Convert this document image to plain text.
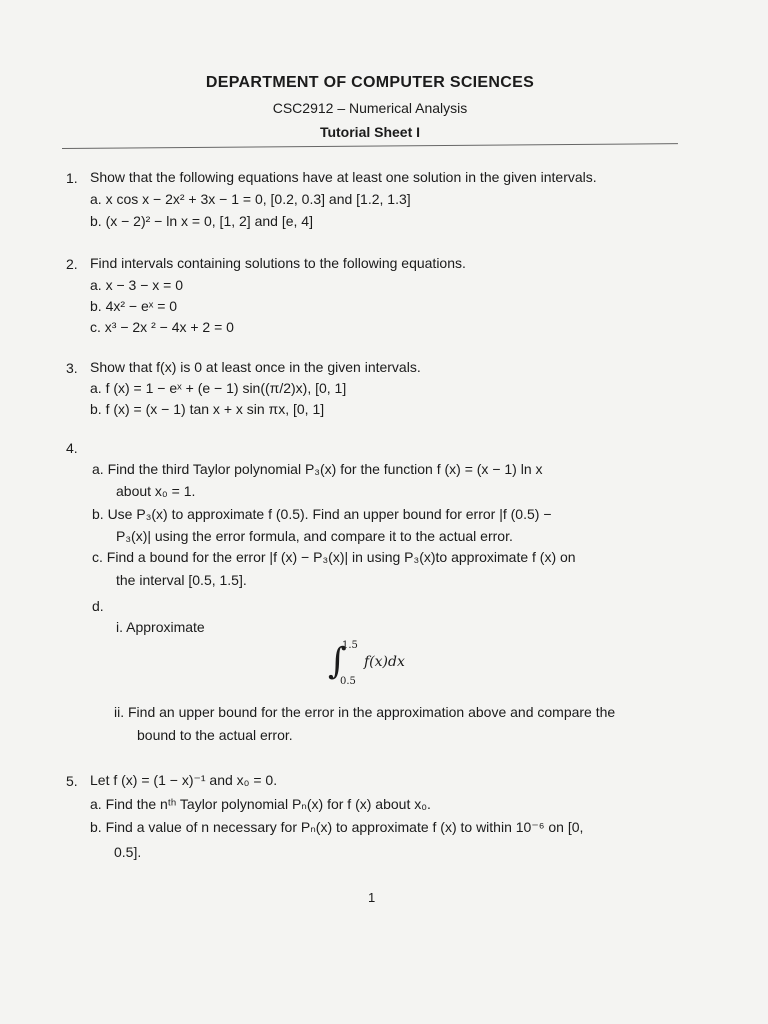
DEPARTMENT OF COMPUTER SCIENCES
CSC2912 – Numerical Analysis
Tutorial Sheet I
1. Show that the following equations have at least one solution in the given intervals.
a. x cos x − 2x² + 3x − 1 = 0, [0.2, 0.3] and [1.2, 1.3]
b. (x − 2)² − ln x = 0, [1, 2] and [e, 4]
2. Find intervals containing solutions to the following equations.
a. x − 3 − x = 0
b. 4x² − eˣ = 0
c. x³ − 2x ² − 4x + 2 = 0
3. Show that f(x) is 0 at least once in the given intervals.
a. f (x) = 1 − eˣ + (e − 1) sin((π/2)x), [0, 1]
b. f (x) = (x − 1) tan x + x sin πx, [0, 1]
4.
a. Find the third Taylor polynomial P₃(x) for the function f (x) = (x − 1) ln x
about x₀ = 1.
b. Use P₃(x) to approximate f (0.5). Find an upper bound for error |f (0.5) −
P₃(x)| using the error formula, and compare it to the actual error.
c. Find a bound for the error |f (x) − P₃(x)| in using P₃(x)to approximate f (x) on
the interval [0.5, 1.5].
d.
i. Approximate
∫
1.5
0.5
f(x)dx
ii. Find an upper bound for the error in the approximation above and compare the
bound to the actual error.
5. Let f (x) = (1 − x)⁻¹ and x₀ = 0.
a. Find the nᵗʰ Taylor polynomial Pₙ(x) for f (x) about x₀.
b. Find a value of n necessary for Pₙ(x) to approximate f (x) to within 10⁻⁶ on [0,
0.5].
1
